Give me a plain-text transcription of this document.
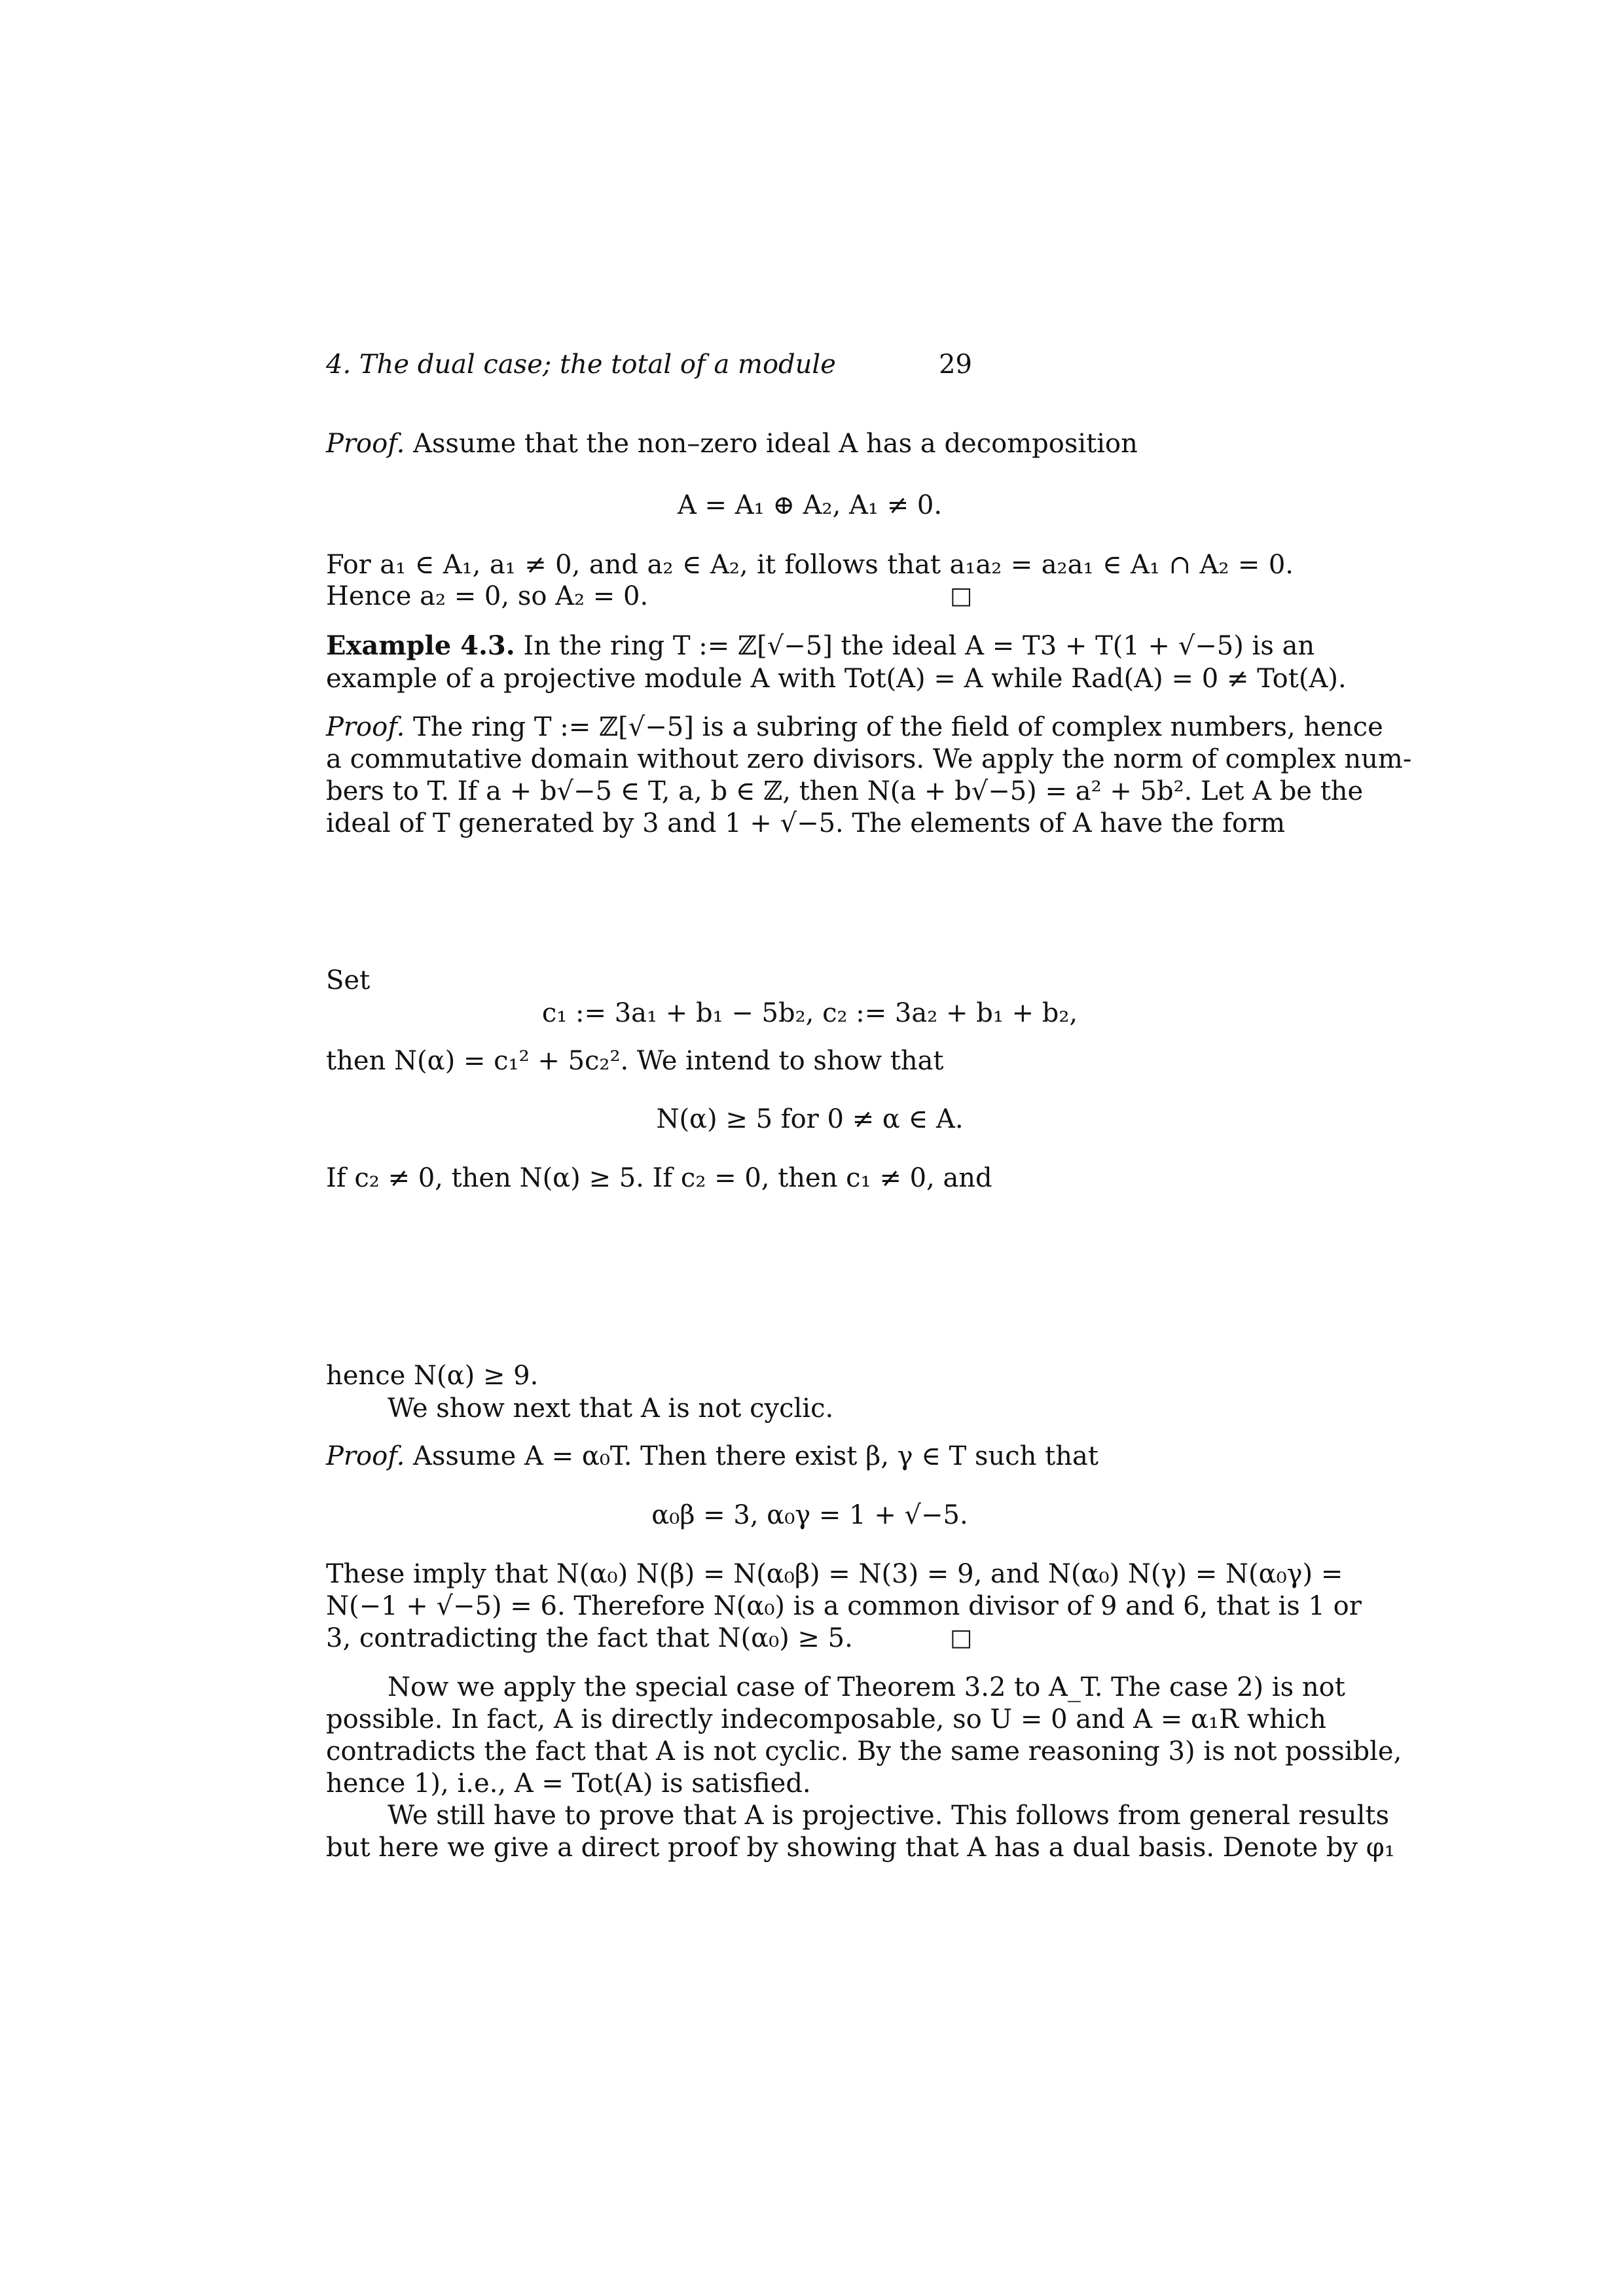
4. The dual case; the total of a module	29
Proof. Assume that the non–zero ideal A has a decomposition
A = A₁ ⊕ A₂, A₁ ≠ 0.
For a₁ ∈ A₁, a₁ ≠ 0, and a₂ ∈ A₂, it follows that a₁a₂ = a₂a₁ ∈ A₁ ∩ A₂ = 0.
Hence a₂ = 0, so A₂ = 0.	□
Example 4.3. In the ring T := ℤ[√−5] the ideal A = T3 + T(1 + √−5) is an
example of a projective module A with Tot(A) = A while Rad(A) = 0 ≠ Tot(A).
Proof. The ring T := ℤ[√−5] is a subring of the field of complex numbers, hence
a commutative domain without zero divisors. We apply the norm of complex num-
bers to T. If a + b√−5 ∈ T, a, b ∈ ℤ, then N(a + b√−5) = a² + 5b². Let A be the
ideal of T generated by 3 and 1 + √−5. The elements of A have the form
Set
c₁ := 3a₁ + b₁ − 5b₂, c₂ := 3a₂ + b₁ + b₂,
then N(α) = c₁² + 5c₂². We intend to show that
N(α) ≥ 5 for 0 ≠ α ∈ A.
If c₂ ≠ 0, then N(α) ≥ 5. If c₂ = 0, then c₁ ≠ 0, and
hence N(α) ≥ 9.
We show next that A is not cyclic.
Proof. Assume A = α₀T. Then there exist β, γ ∈ T such that
α₀β = 3, α₀γ = 1 + √−5.
These imply that N(α₀) N(β) = N(α₀β) = N(3) = 9, and N(α₀) N(γ) = N(α₀γ) =
N(−1 + √−5) = 6. Therefore N(α₀) is a common divisor of 9 and 6, that is 1 or
3, contradicting the fact that N(α₀) ≥ 5.	□
Now we apply the special case of Theorem 3.2 to A_T. The case 2) is not
possible. In fact, A is directly indecomposable, so U = 0 and A = α₁R which
contradicts the fact that A is not cyclic. By the same reasoning 3) is not possible,
hence 1), i.e., A = Tot(A) is satisfied.
We still have to prove that A is projective. This follows from general results
but here we give a direct proof by showing that A has a dual basis. Denote by φ₁
